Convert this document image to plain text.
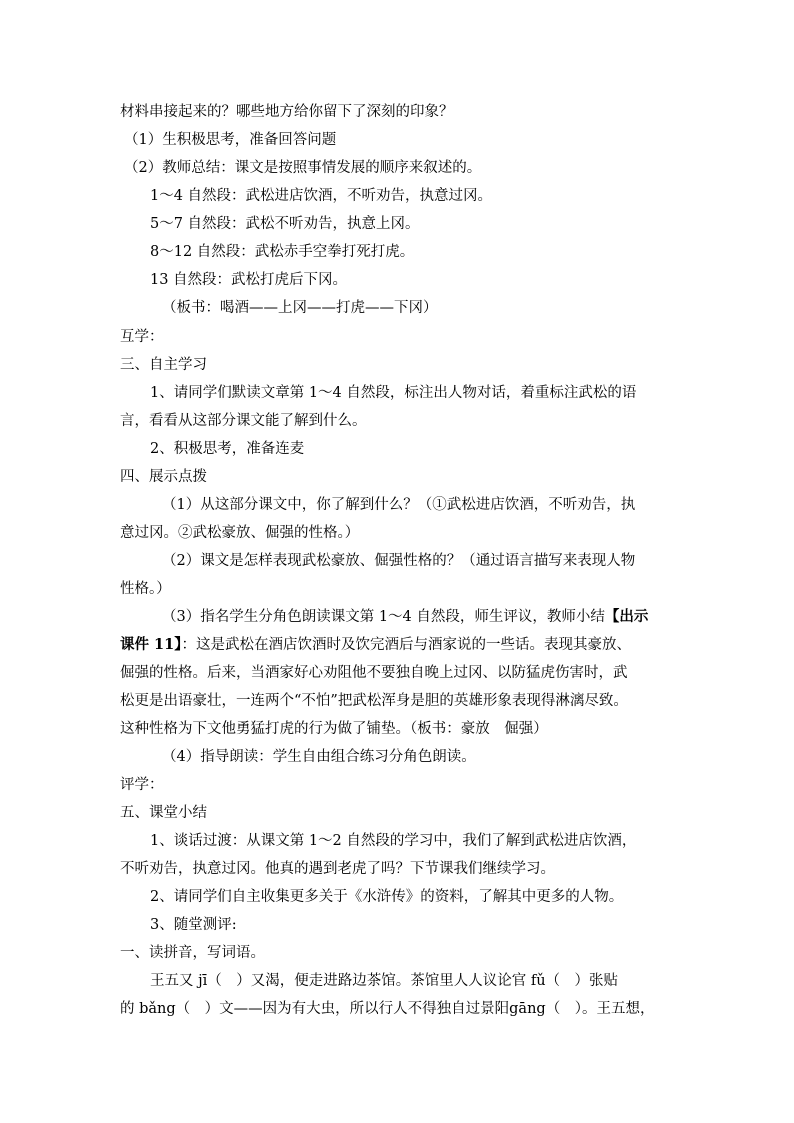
材料串接起来的？哪些地方给你留下了深刻的印象？
（1）生积极思考，准备回答问题
（2）教师总结：课文是按照事情发展的顺序来叙述的。
1～4 自然段：武松进店饮酒，不听劝告，执意过冈。
5～7 自然段：武松不听劝告，执意上冈。
8～12 自然段：武松赤手空拳打死打虎。
13 自然段：武松打虎后下冈。
（板书：喝酒——上冈——打虎——下冈）
互学：
三、自主学习
1、请同学们默读文章第 1～4 自然段，标注出人物对话，着重标注武松的语
言，看看从这部分课文能了解到什么。
2、积极思考，准备连麦
四、展示点拨
（1）从这部分课文中，你了解到什么？（①武松进店饮酒，不听劝告，执
意过冈。②武松豪放、倔强的性格。）
（2）课文是怎样表现武松豪放、倔强性格的？（通过语言描写来表现人物
性格。）
（3）指名学生分角色朗读课文第 1～4 自然段，师生评议，教师小结【出示
课件 11】：这是武松在酒店饮酒时及饮完酒后与酒家说的一些话。表现其豪放、
倔强的性格。后来，当酒家好心劝阻他不要独自晚上过冈、以防猛虎伤害时，武
松更是出语豪壮，一连两个“不怕”把武松浑身是胆的英雄形象表现得淋漓尽致。
这种性格为下文他勇猛打虎的行为做了铺垫。（板书：豪放　倔强）
（4）指导朗读：学生自由组合练习分角色朗读。
评学：
五、课堂小结
1、谈话过渡：从课文第 1～2 自然段的学习中，我们了解到武松进店饮酒，
不听劝告，执意过冈。他真的遇到老虎了吗？下节课我们继续学习。
2、请同学们自主收集更多关于《水浒传》的资料，了解其中更多的人物。
3、随堂测评:
一、读拼音，写词语。
王五又 jī（　）又渴，便走进路边茶馆。茶馆里人人议论官 fǔ（　）张贴
的 bǎng（　）文——因为有大虫，所以行人不得独自过景阳gāng（　）。王五想，
